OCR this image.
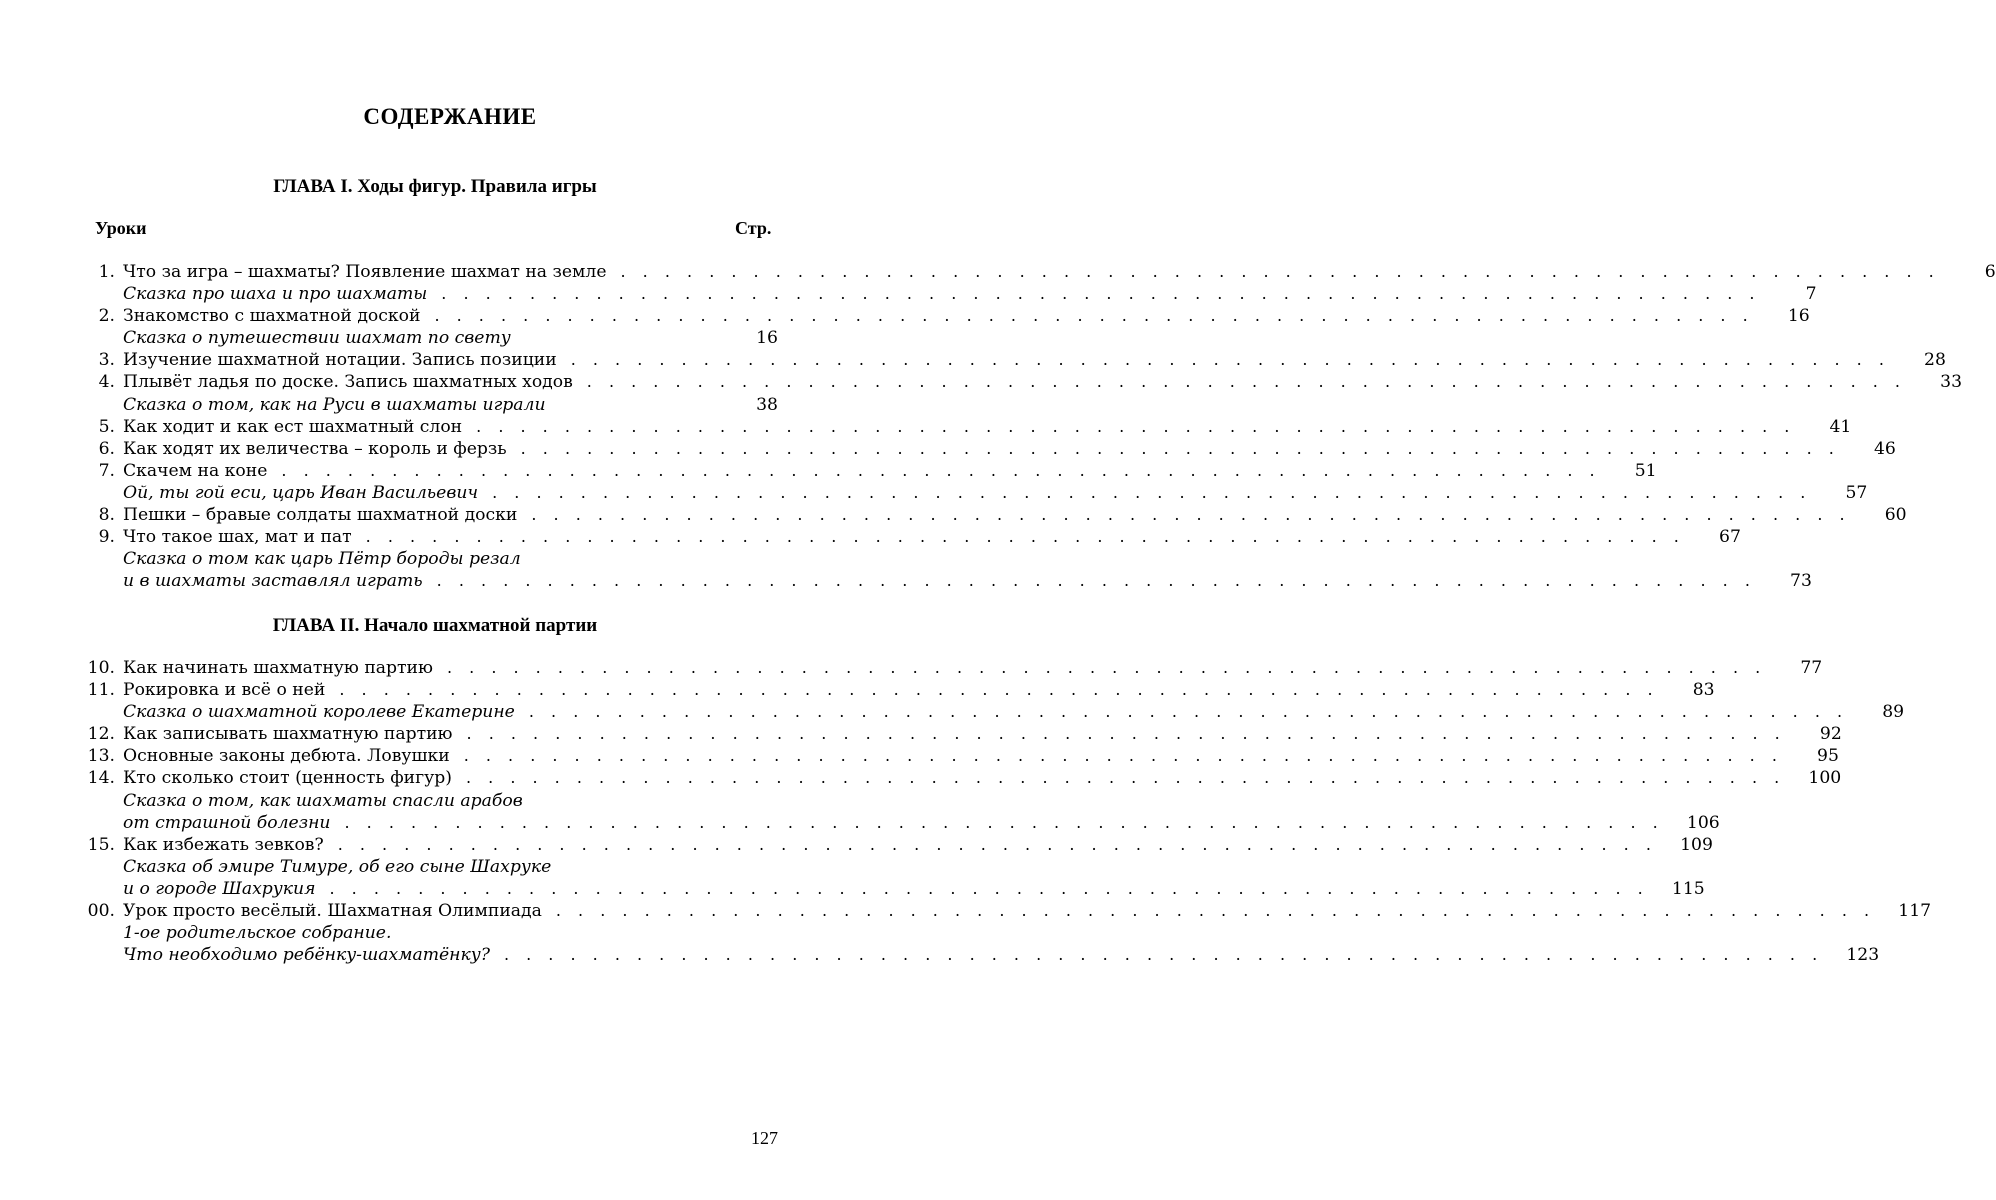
СОДЕРЖАНИЕ
ГЛАВА I. Ходы фигур. Правила игры
Уроки	Стр.
1. Что за игра – шахматы? Появление шахмат на земле . . . . . . . . . . . . . . . . . . . . . . . . . . . . . . . . . . . . . . . . . . . . . . . . . . . . . . . . . . . .	6
Сказка про шаха и про шахматы . . . . . . . . . . . . . . . . . . . . . . . . . . . . . . . . . . . . . . . . . . . . . . . . . . . . . . . . . . . .	7
2. Знакомство с шахматной доской . . . . . . . . . . . . . . . . . . . . . . . . . . . . . . . . . . . . . . . . . . . . . . . . . . . . . . . . . . . .	16
Сказка о путешествии шахмат по свету	16
3. Изучение шахматной нотации. Запись позиции . . . . . . . . . . . . . . . . . . . . . . . . . . . . . . . . . . . . . . . . . . . . . . . . . . . . . . . . . . . .	28
4. Плывёт ладья по доске. Запись шахматных ходов . . . . . . . . . . . . . . . . . . . . . . . . . . . . . . . . . . . . . . . . . . . . . . . . . . . . . . . . . . . .	33
Сказка о том, как на Руси в шахматы играли	38
5. Как ходит и как ест шахматный слон . . . . . . . . . . . . . . . . . . . . . . . . . . . . . . . . . . . . . . . . . . . . . . . . . . . . . . . . . . . .	41
6. Как ходят их величества – король и ферзь . . . . . . . . . . . . . . . . . . . . . . . . . . . . . . . . . . . . . . . . . . . . . . . . . . . . . . . . . . . .	46
7. Скачем на коне . . . . . . . . . . . . . . . . . . . . . . . . . . . . . . . . . . . . . . . . . . . . . . . . . . . . . . . . . . . .	51
Ой, ты гой еси, царь Иван Васильевич . . . . . . . . . . . . . . . . . . . . . . . . . . . . . . . . . . . . . . . . . . . . . . . . . . . . . . . . . . . .	57
8. Пешки – бравые солдаты шахматной доски . . . . . . . . . . . . . . . . . . . . . . . . . . . . . . . . . . . . . . . . . . . . . . . . . . . . . . . . . . . .	60
9. Что такое шах, мат и пат . . . . . . . . . . . . . . . . . . . . . . . . . . . . . . . . . . . . . . . . . . . . . . . . . . . . . . . . . . . .	67
Сказка о том как царь Пётр бороды резал
и в шахматы заставлял играть . . . . . . . . . . . . . . . . . . . . . . . . . . . . . . . . . . . . . . . . . . . . . . . . . . . . . . . . . . . .	73
ГЛАВА II. Начало шахматной партии
10. Как начинать шахматную партию . . . . . . . . . . . . . . . . . . . . . . . . . . . . . . . . . . . . . . . . . . . . . . . . . . . . . . . . . . . .	77
11. Рокировка и всё о ней . . . . . . . . . . . . . . . . . . . . . . . . . . . . . . . . . . . . . . . . . . . . . . . . . . . . . . . . . . . .	83
Сказка о шахматной королеве Екатерине . . . . . . . . . . . . . . . . . . . . . . . . . . . . . . . . . . . . . . . . . . . . . . . . . . . . . . . . . . . .	89
12. Как записывать шахматную партию . . . . . . . . . . . . . . . . . . . . . . . . . . . . . . . . . . . . . . . . . . . . . . . . . . . . . . . . . . . .	92
13. Основные законы дебюта. Ловушки . . . . . . . . . . . . . . . . . . . . . . . . . . . . . . . . . . . . . . . . . . . . . . . . . . . . . . . . . . . .	95
14. Кто сколько стоит (ценность фигур) . . . . . . . . . . . . . . . . . . . . . . . . . . . . . . . . . . . . . . . . . . . . . . . . . . . . . . . . . . . .	100
Сказка о том, как шахматы спасли арабов
от страшной болезни . . . . . . . . . . . . . . . . . . . . . . . . . . . . . . . . . . . . . . . . . . . . . . . . . . . . . . . . . . . .	106
15. Как избежать зевков? . . . . . . . . . . . . . . . . . . . . . . . . . . . . . . . . . . . . . . . . . . . . . . . . . . . . . . . . . . . .	109
Сказка об эмире Тимуре, об его сыне Шахруке
и о городе Шахрукия . . . . . . . . . . . . . . . . . . . . . . . . . . . . . . . . . . . . . . . . . . . . . . . . . . . . . . . . . . . .	115
00. Урок просто весёлый. Шахматная Олимпиада . . . . . . . . . . . . . . . . . . . . . . . . . . . . . . . . . . . . . . . . . . . . . . . . . . . . . . . . . . . .	117
1-ое родительское собрание.
Что необходимо ребёнку-шахматёнку? . . . . . . . . . . . . . . . . . . . . . . . . . . . . . . . . . . . . . . . . . . . . . . . . . . . . . . . . . . . .	123
127
